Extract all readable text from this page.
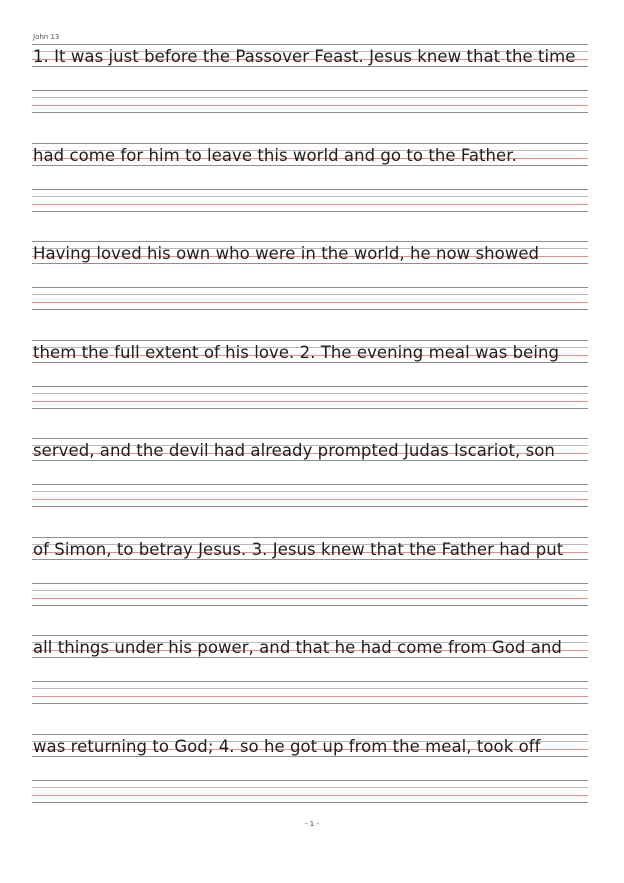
John 13
1. It was just before the Passover Feast. Jesus knew that the time
had come for him to leave this world and go to the Father.
Having loved his own who were in the world, he now showed
them the full extent of his love. 2. The evening meal was being
served, and the devil had already prompted Judas Iscariot, son
of Simon, to betray Jesus. 3. Jesus knew that the Father had put
all things under his power, and that he had come from God and
was returning to God; 4. so he got up from the meal, took off
- 1 -
